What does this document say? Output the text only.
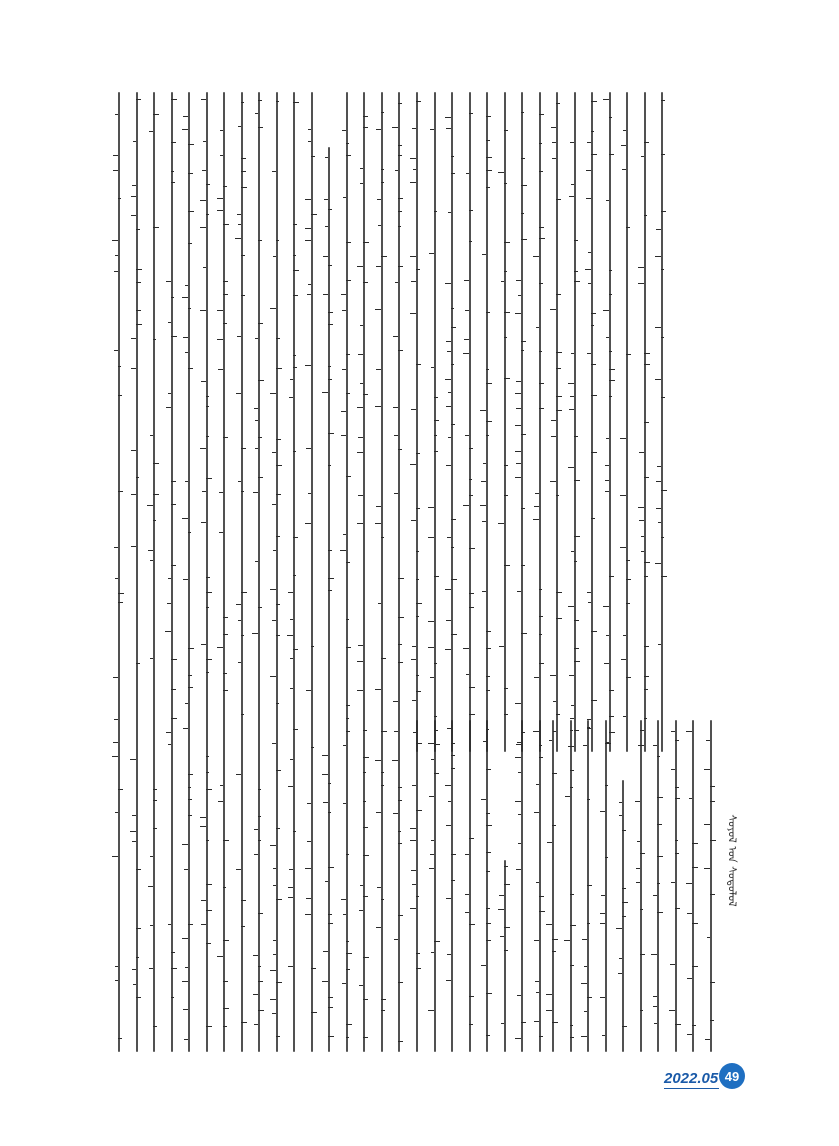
ᠰᠣᠶᠣᠯ ᠤᠨ ᠰᠣᠳᠤᠯᠤᠯ
2022.05 49
